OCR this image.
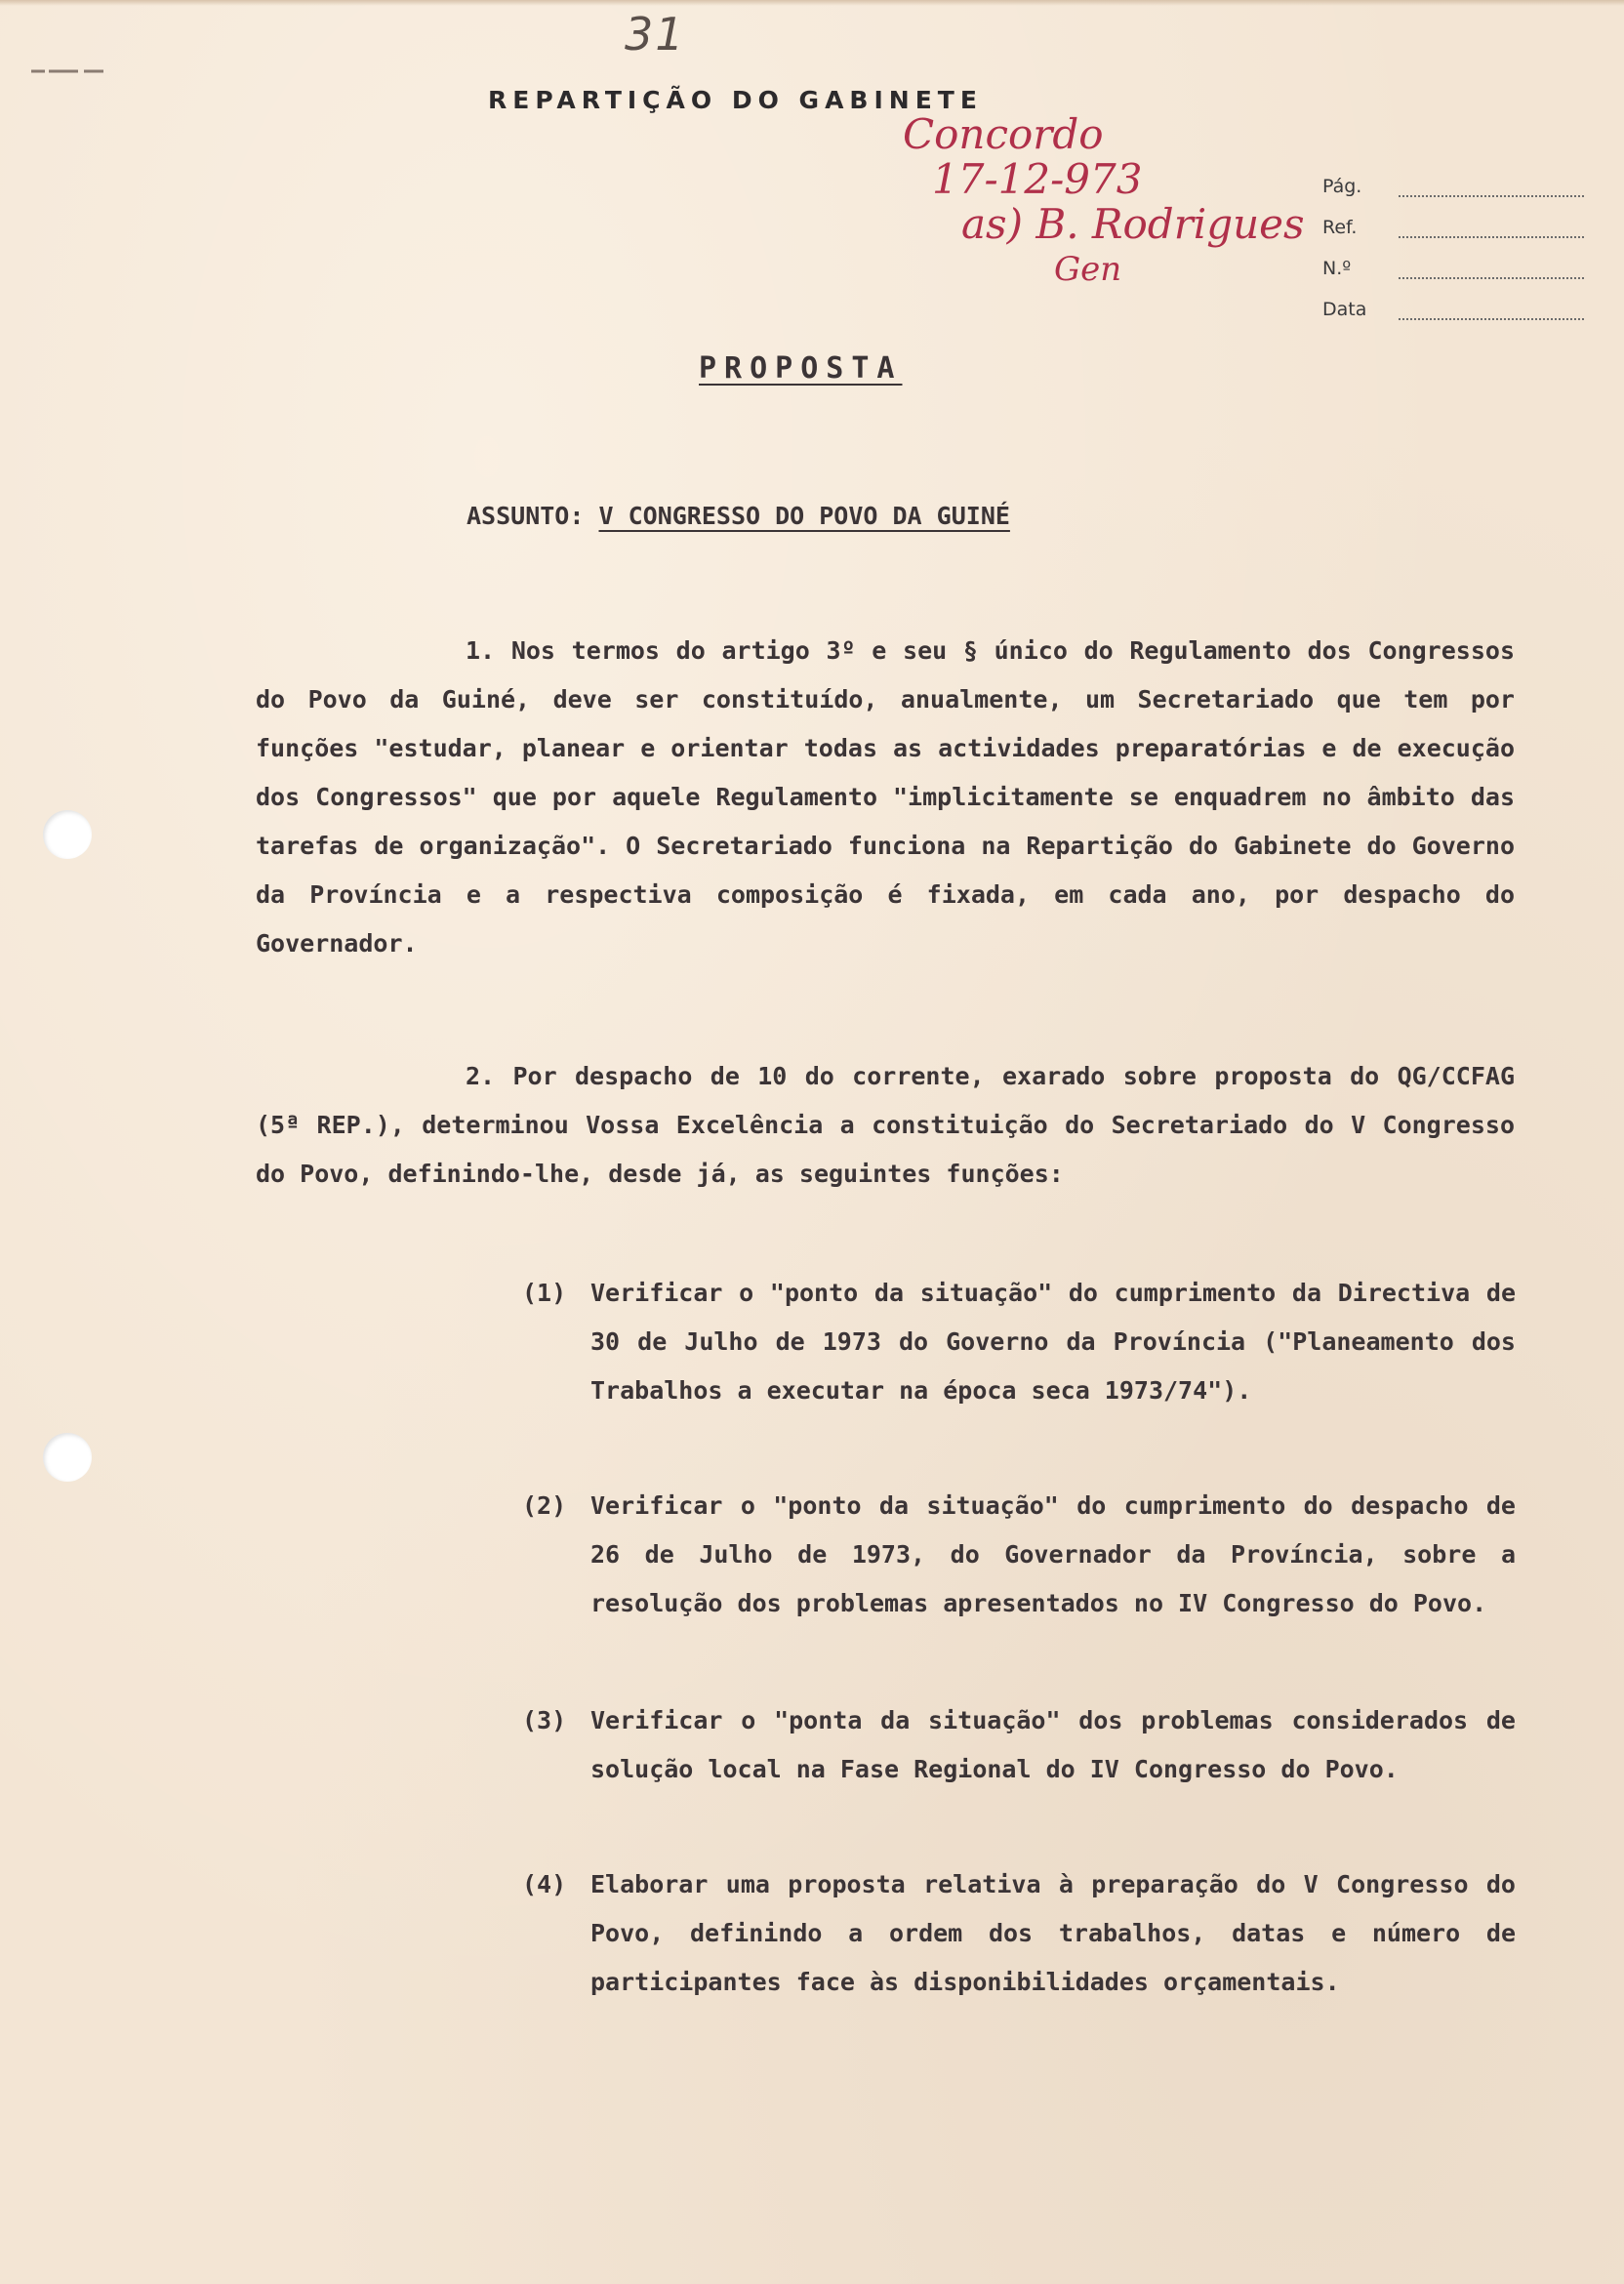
31
REPARTIÇÃO DO GABINETE
Concordo
17-12-973
as) B. Rodrigues
Gen
Pág.
Ref.
N.º
Data
PROPOSTA
ASSUNTO: V CONGRESSO DO POVO DA GUINÉ
1. Nos termos do artigo 3º e seu § único do Regulamento dos Congressos do Povo da Guiné, deve ser constituído, anualmente, um Secretariado que tem por funções "estudar, planear e orientar todas as actividades preparatórias e de execução dos Congressos" que por aquele Regulamento "implicitamente se enquadrem no âmbito das tarefas de organização". O Secretariado funciona na Repartição do Gabinete do Governo da Província e a respectiva composição é fixada, em cada ano, por despacho do Governador.
2. Por despacho de 10 do corrente, exarado sobre proposta do QG/CCFAG (5ª REP.), determinou Vossa Excelência a constituição do Secretariado do V Congresso do Povo, definindo-lhe, desde já, as seguintes funções:
(1) Verificar o "ponto da situação" do cumprimento da Directiva de 30 de Julho de 1973 do Governo da Província ("Planeamento dos Trabalhos a executar na época seca 1973/74").
(2) Verificar o "ponto da situação" do cumprimento do despacho de 26 de Julho de 1973, do Governador da Província, sobre a resolução dos problemas apresentados no IV Congresso do Povo.
(3) Verificar o "ponta da situação" dos problemas considerados de solução local na Fase Regional do IV Congresso do Povo.
(4) Elaborar uma proposta relativa à preparação do V Congresso do Povo, definindo a ordem dos trabalhos, datas e número de participantes face às disponibilidades orçamentais.
